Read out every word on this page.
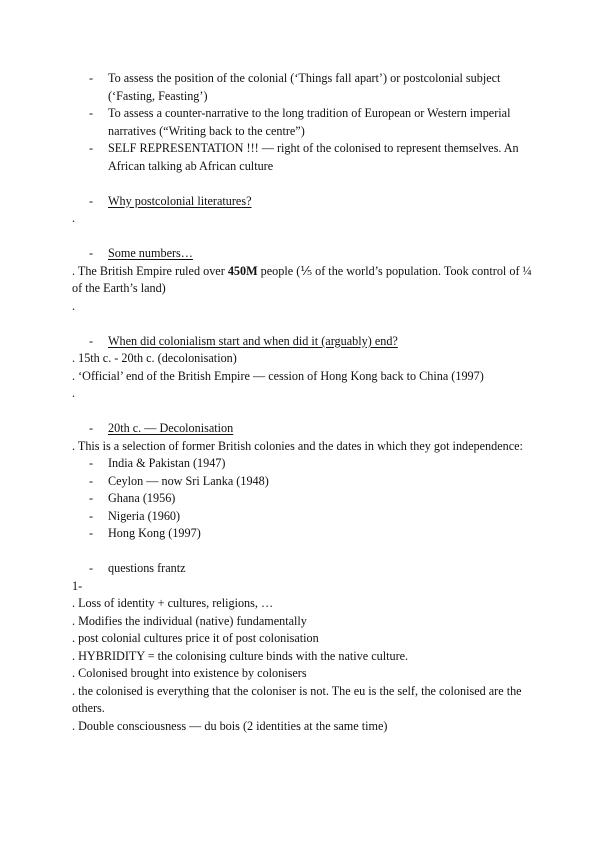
- To assess the position of the colonial (‘Things fall apart’) or postcolonial subject (‘Fasting, Feasting’)
- To assess a counter-narrative to the long tradition of European or Western imperial narratives (“Writing back to the centre”)
- SELF REPRESENTATION !!! — right of the colonised to represent themselves. An African talking ab African culture
- Why postcolonial literatures?
.
- Some numbers…
. The British Empire ruled over 450M people (⅕ of the world’s population. Took control of ¼ of the Earth’s land)
.
- When did colonialism start and when did it (arguably) end?
. 15th c. - 20th c. (decolonisation)
. ‘Official’ end of the British Empire — cession of Hong Kong back to China (1997)
.
- 20th c. — Decolonisation
. This is a selection of former British colonies and the dates in which they got independence:
- India & Pakistan (1947)
- Ceylon — now Sri Lanka (1948)
- Ghana (1956)
- Nigeria (1960)
- Hong Kong (1997)
- questions frantz
1-
. Loss of identity + cultures, religions, …
. Modifies the individual (native) fundamentally
. post colonial cultures price it of post colonisation
. HYBRIDITY = the colonising culture binds with the native culture.
. Colonised brought into existence by colonisers
. the colonised is everything that the coloniser is not. The eu is the self, the colonised are the others.
. Double consciousness — du bois (2 identities at the same time)
